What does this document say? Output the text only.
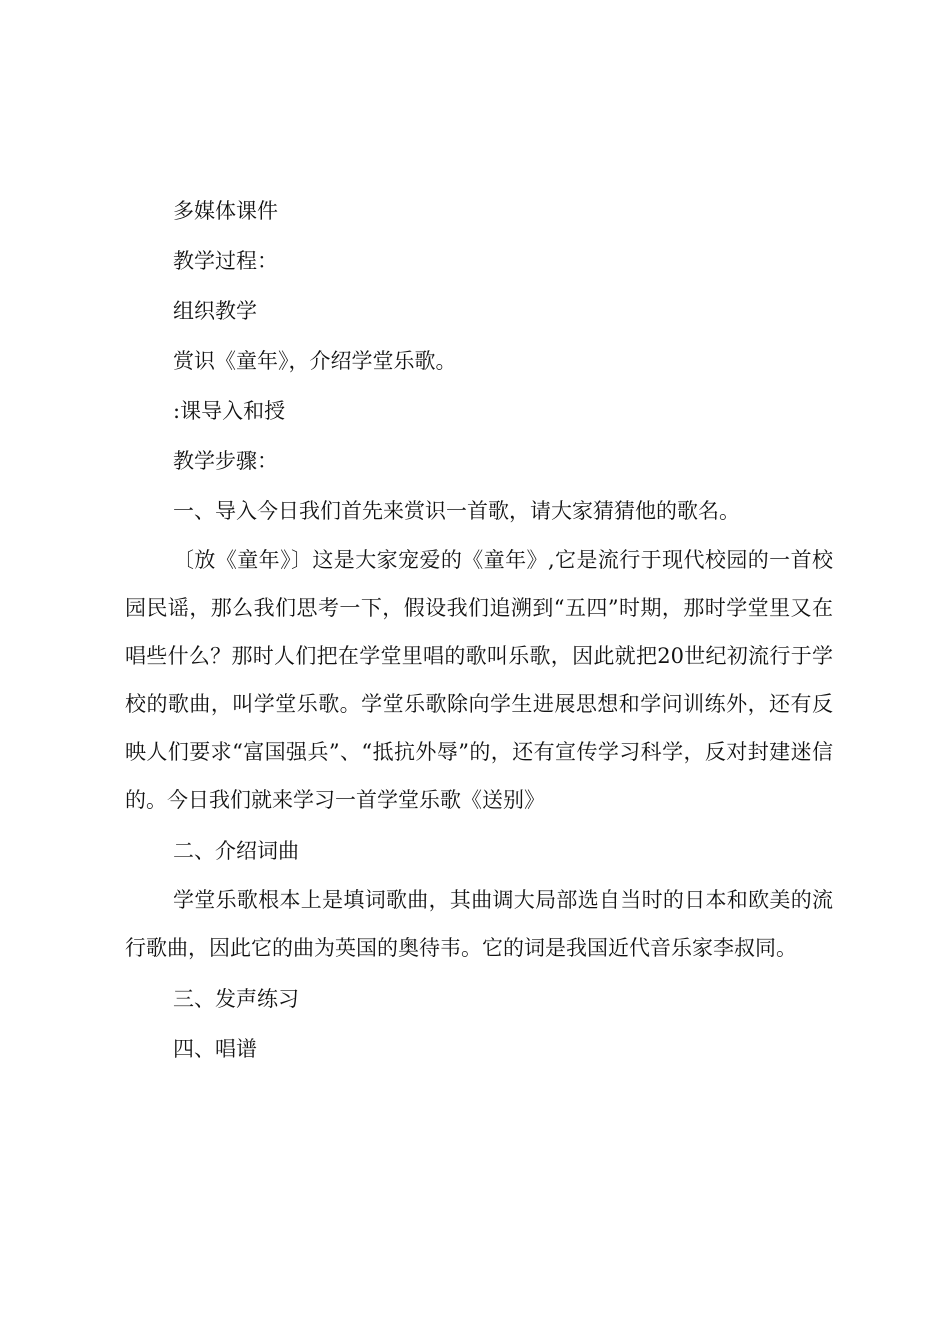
多媒体课件

教学过程：

组织教学

赏识《童年》，介绍学堂乐歌。

:课导入和授

教学步骤：

一、导入今日我们首先来赏识一首歌，请大家猜猜他的歌名。

〔放《童年》〕这是大家宠爱的《童年》,它是流行于现代校园的一首校园民谣，那么我们思考一下，假设我们追溯到“五四”时期，那时学堂里又在唱些什么？那时人们把在学堂里唱的歌叫乐歌，因此就把20世纪初流行于学校的歌曲，叫学堂乐歌。学堂乐歌除向学生进展思想和学问训练外，还有反映人们要求“富国强兵”、“抵抗外辱”的，还有宣传学习科学，反对封建迷信的。今日我们就来学习一首学堂乐歌《送别》

二、介绍词曲

学堂乐歌根本上是填词歌曲，其曲调大局部选自当时的日本和欧美的流行歌曲，因此它的曲为英国的奥待韦。它的词是我国近代音乐家李叔同。

三、发声练习

四、唱谱
